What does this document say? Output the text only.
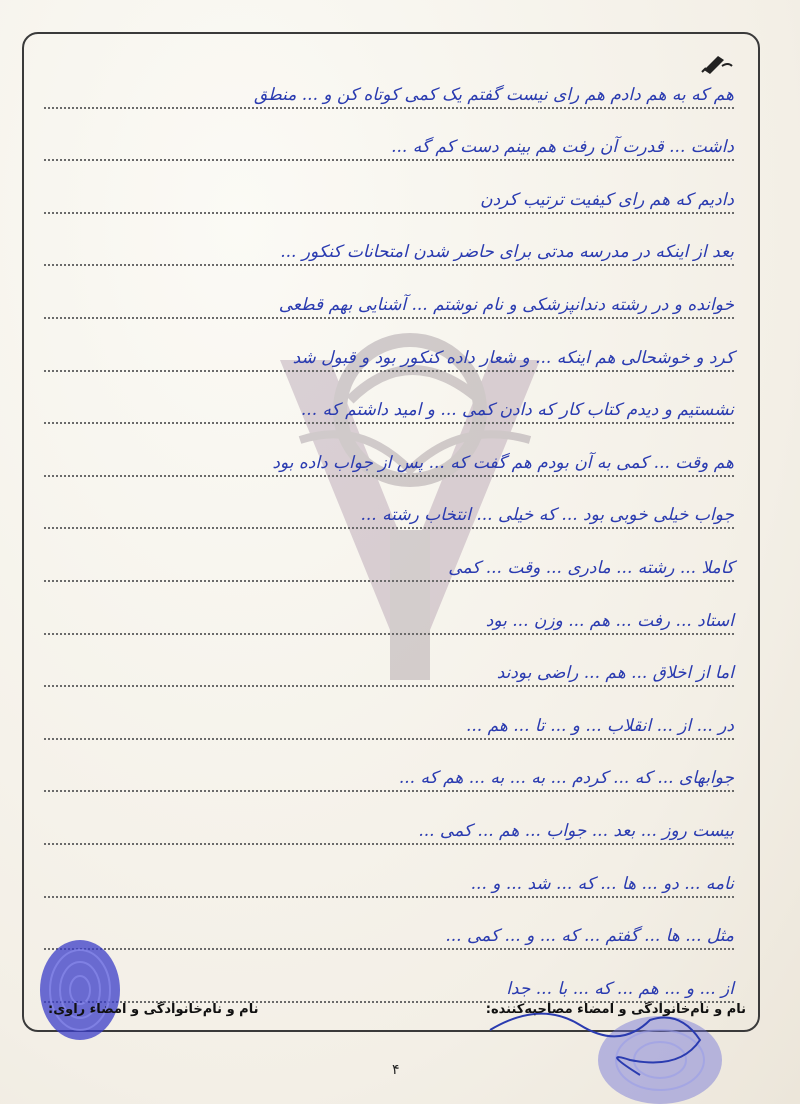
هم که به هم دادم هم رای نیست گفتم یک کمی کوتاه کن و ... منطق
داشت ... قدرت آن رفت هم بینم دست کم گه ...
دادیم که هم رای کیفیت ترتیب کردن
بعد از اینکه در مدرسه مدتی برای حاضر شدن امتحانات کنکور ...
خوانده و در رشته دندانپزشکی و نام نوشتم ... آشنایی بهم قطعی
کرد و خوشحالی هم اینکه ... و شعار داده کنکور بود و قبول شد
نشستیم و دیدم کتاب کار که دادن کمی ... و امید داشتم که ...
هم وقت ... کمی به آن بودم هم گفت که ... پس از جواب داده بود
جواب خیلی خوبی بود ... که خیلی ... انتخاب رشته ...
کاملا ... رشته ... مادری ... وقت ... کمی
استاد ... رفت ... هم ... وزن ... بود
اما از اخلاق ... هم ... راضی بودند
در ... از ... انقلاب ... و ... تا ... هم ...
جوابهای ... که ... کردم ... به ... به ... هم که ...
بیست روز ... بعد ... جواب ... هم ... کمی ...
نامه ... دو ... ها ... که ... شد ... و ...
مثل ... ها ... گفتم ... که ... و ... کمی ...
از ... و ... هم ... که ... با ... جدا
نام و نام‌خانوادگی و امضاء مصاحبه‌کننده:
نام و نام‌خانوادگی و امضاء راوی:
۴
